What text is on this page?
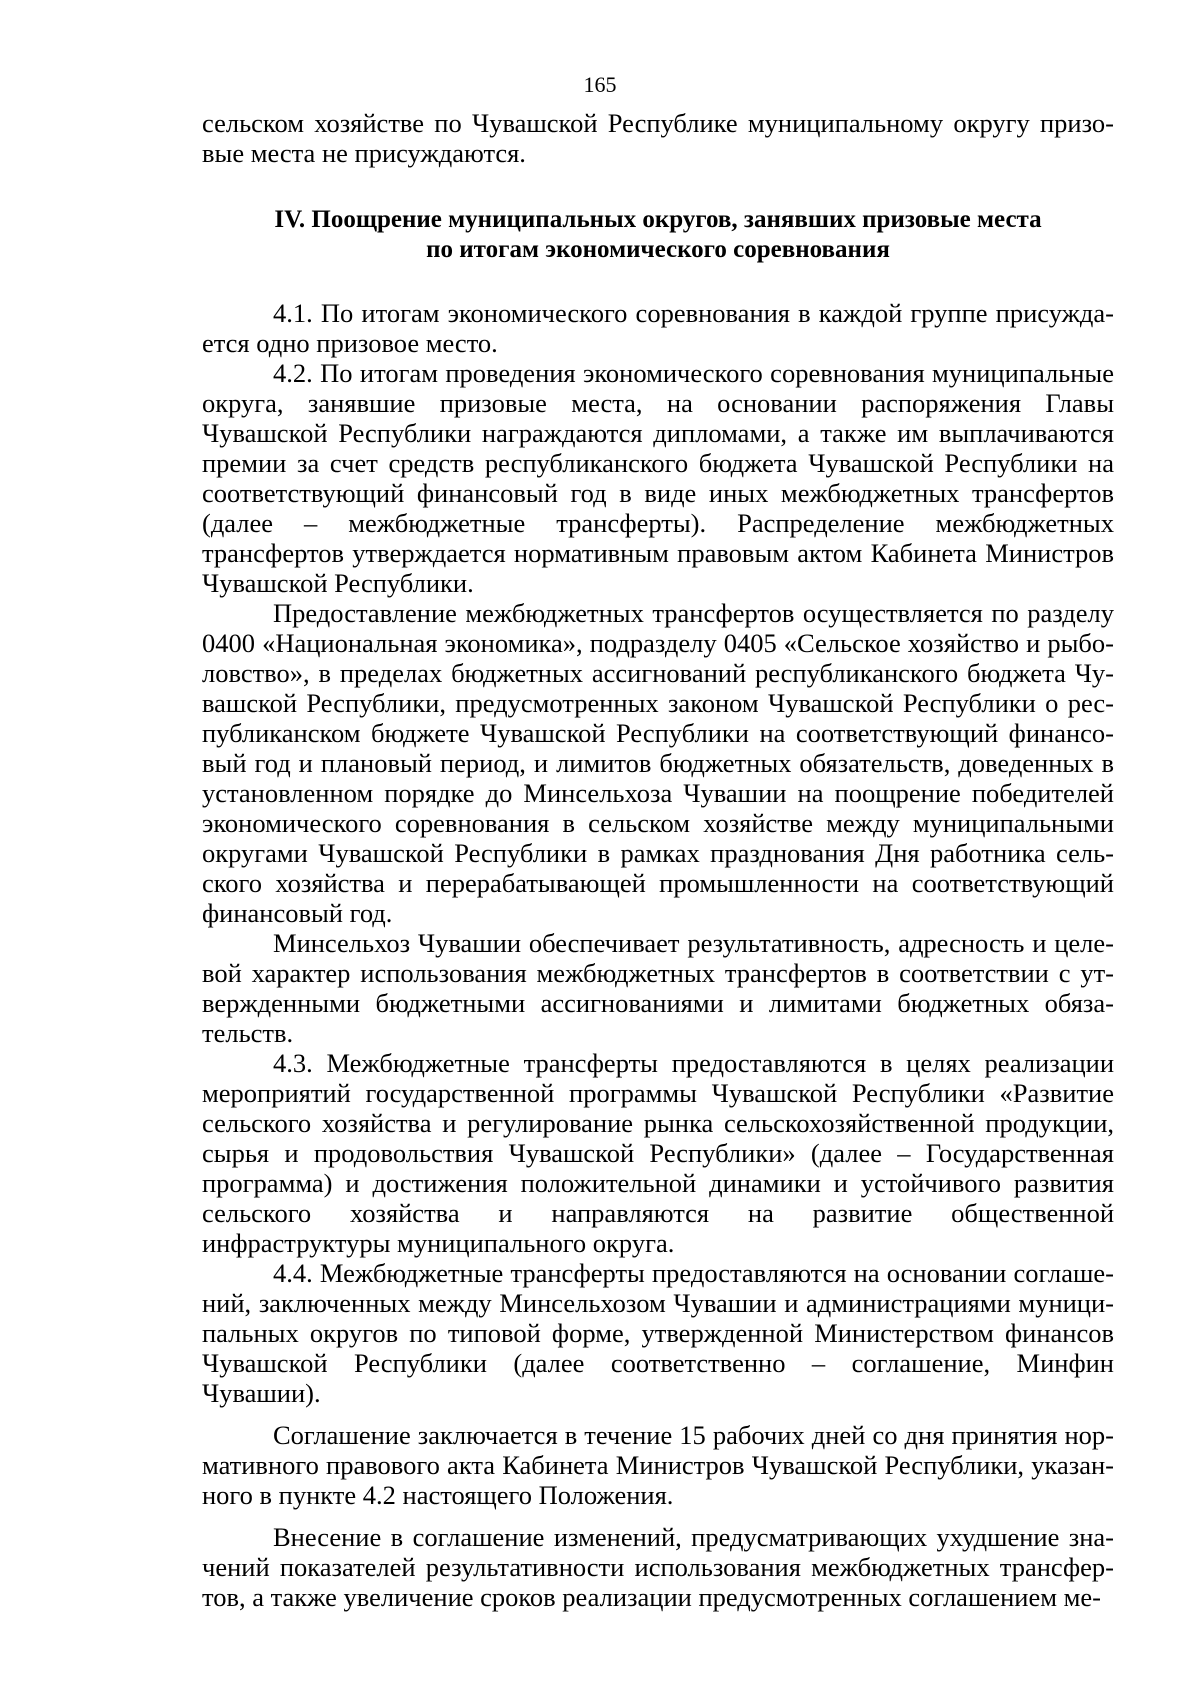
165

сельском хозяйстве по Чувашской Республике муниципальному округу призовые места не присуждаются.

IV. Поощрение муниципальных округов, занявших призовые места
по итогам экономического соревнования

4.1. По итогам экономического соревнования в каждой группе присуждается одно призовое место.

4.2. По итогам проведения экономического соревнования муниципальные округа, занявшие призовые места, на основании распоряжения Главы Чувашской Республики награждаются дипломами, а также им выплачиваются премии за счет средств республиканского бюджета Чувашской Республики на соответствующий финансовый год в виде иных межбюджетных трансфертов (далее – межбюджетные трансферты). Распределение межбюджетных трансфертов утверждается нормативным правовым актом Кабинета Министров Чувашской Республики.

Предоставление межбюджетных трансфертов осуществляется по разделу 0400 «Национальная экономика», подразделу 0405 «Сельское хозяйство и рыболовство», в пределах бюджетных ассигнований республиканского бюджета Чувашской Республики, предусмотренных законом Чувашской Республики о республиканском бюджете Чувашской Республики на соответствующий финансовый год и плановый период, и лимитов бюджетных обязательств, доведенных в установленном порядке до Минсельхоза Чувашии на поощрение победителей экономического соревнования в сельском хозяйстве между муниципальными округами Чувашской Республики в рамках празднования Дня работника сельского хозяйства и перерабатывающей промышленности на соответствующий финансовый год.

Минсельхоз Чувашии обеспечивает результативность, адресность и целевой характер использования межбюджетных трансфертов в соответствии с утвержденными бюджетными ассигнованиями и лимитами бюджетных обязательств.

4.3. Межбюджетные трансферты предоставляются в целях реализации мероприятий государственной программы Чувашской Республики «Развитие сельского хозяйства и регулирование рынка сельскохозяйственной продукции, сырья и продовольствия Чувашской Республики» (далее – Государственная программа) и достижения положительной динамики и устойчивого развития сельского хозяйства и направляются на развитие общественной инфраструктуры муниципального округа.

4.4. Межбюджетные трансферты предоставляются на основании соглашений, заключенных между Минсельхозом Чувашии и администрациями муниципальных округов по типовой форме, утвержденной Министерством финансов Чувашской Республики (далее соответственно – соглашение, Минфин Чувашии).

Соглашение заключается в течение 15 рабочих дней со дня принятия нормативного правового акта Кабинета Министров Чувашской Республики, указанного в пункте 4.2 настоящего Положения.

Внесение в соглашение изменений, предусматривающих ухудшение значений показателей результативности использования межбюджетных трансфертов, а также увеличение сроков реализации предусмотренных соглашением ме-
